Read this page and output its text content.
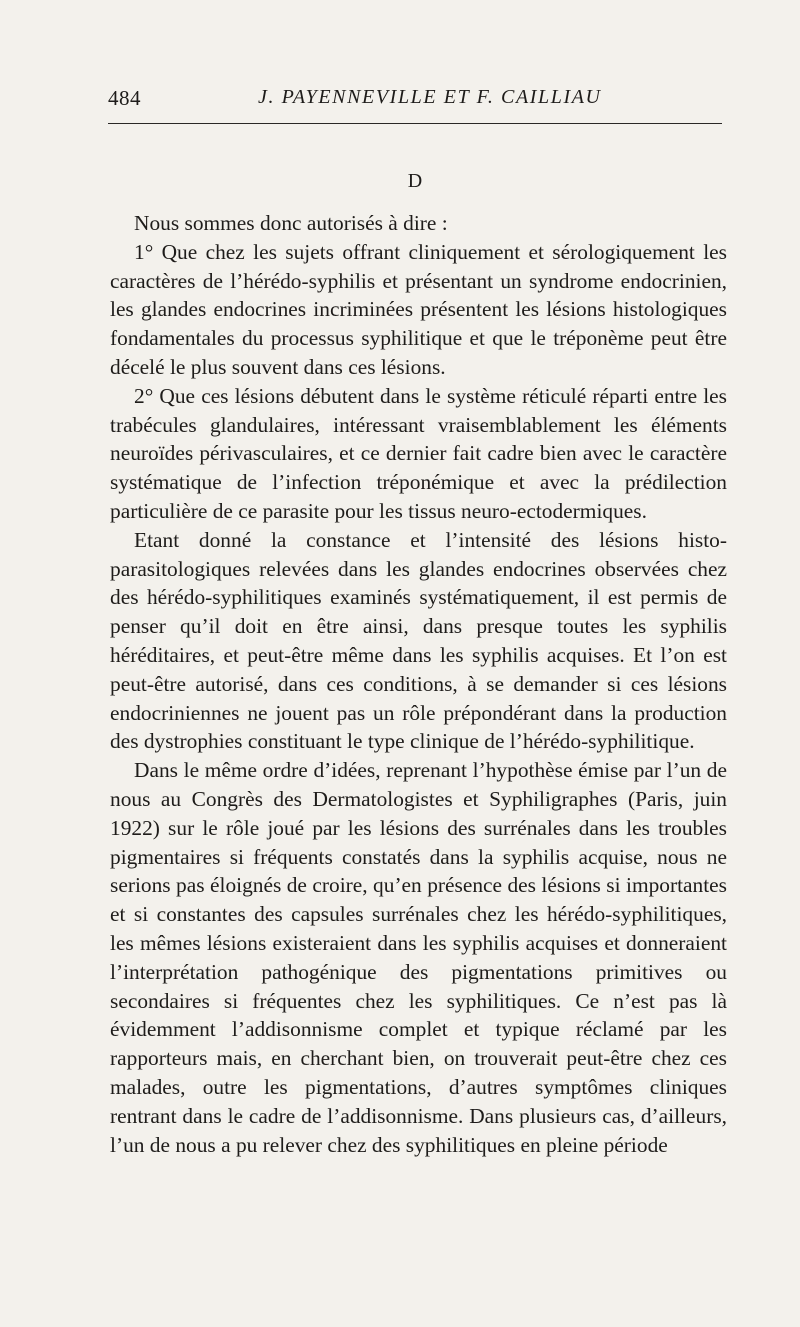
484	J. PAYENNEVILLE ET F. CAILLIAU
D

Nous sommes donc autorisés à dire :

1° Que chez les sujets offrant cliniquement et sérologiquement les caractères de l’hérédo-syphilis et présentant un syndrome endocrinien, les glandes endocrines incriminées présentent les lésions histologiques fondamentales du processus syphilitique et que le tréponème peut être décelé le plus souvent dans ces lésions.

2° Que ces lésions débutent dans le système réticulé réparti entre les trabécules glandulaires, intéressant vraisemblablement les éléments neuroïdes périvasculaires, et ce dernier fait cadre bien avec le caractère systématique de l’infection tréponémique et avec la prédilection particulière de ce parasite pour les tissus neuro-ectodermiques.

Etant donné la constance et l’intensité des lésions histo-parasitologiques relevées dans les glandes endocrines observées chez des hérédo-syphilitiques examinés systématiquement, il est permis de penser qu’il doit en être ainsi, dans presque toutes les syphilis héréditaires, et peut-être même dans les syphilis acquises. Et l’on est peut-être autorisé, dans ces conditions, à se demander si ces lésions endocriniennes ne jouent pas un rôle prépondérant dans la production des dystrophies constituant le type clinique de l’hérédo-syphilitique.

Dans le même ordre d’idées, reprenant l’hypothèse émise par l’un de nous au Congrès des Dermatologistes et Syphiligraphes (Paris, juin 1922) sur le rôle joué par les lésions des surrénales dans les troubles pigmentaires si fréquents constatés dans la syphilis acquise, nous ne serions pas éloignés de croire, qu’en présence des lésions si importantes et si constantes des capsules surrénales chez les hérédo-syphilitiques, les mêmes lésions existeraient dans les syphilis acquises et donneraient l’interprétation pathogénique des pigmentations primitives ou secondaires si fréquentes chez les syphilitiques. Ce n’est pas là évidemment l’addisonnisme complet et typique réclamé par les rapporteurs mais, en cherchant bien, on trouverait peut-être chez ces malades, outre les pigmentations, d’autres symptômes cliniques rentrant dans le cadre de l’addisonnisme. Dans plusieurs cas, d’ailleurs, l’un de nous a pu relever chez des syphilitiques en pleine période
